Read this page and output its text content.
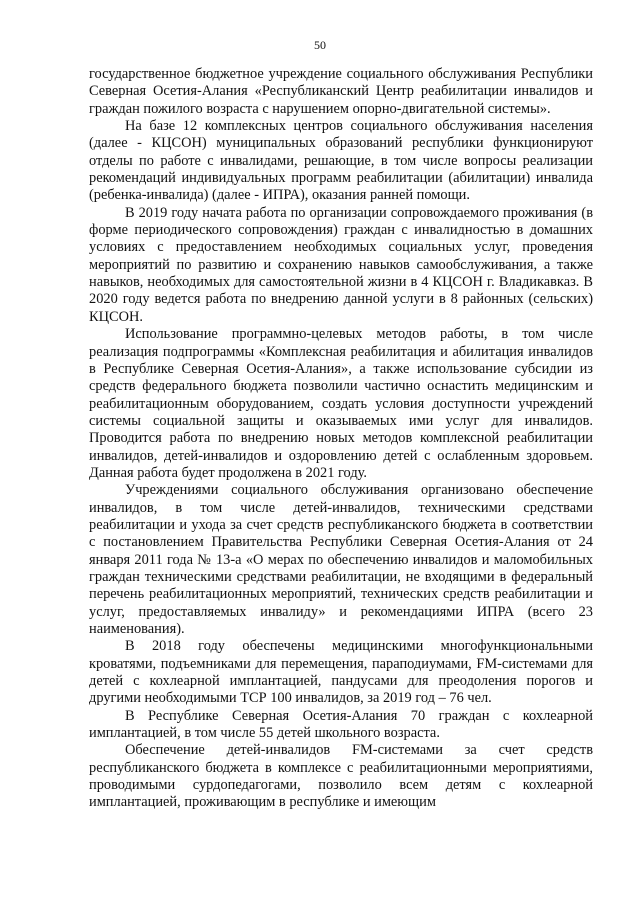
50

государственное бюджетное учреждение социального обслуживания Республики Северная Осетия-Алания «Республиканский Центр реабилитации инвалидов и граждан пожилого возраста с нарушением опорно-двигательной системы».

На базе 12 комплексных центров социального обслуживания населения (далее - КЦСОН) муниципальных образований республики функционируют отделы по работе с инвалидами, решающие, в том числе вопросы реализации рекомендаций индивидуальных программ реабилитации (абилитации) инвалида (ребенка-инвалида) (далее - ИПРА), оказания ранней помощи.

В 2019 году начата работа по организации сопровождаемого проживания (в форме периодического сопровождения) граждан с инвалидностью в домашних условиях с предоставлением необходимых социальных услуг, проведения мероприятий по развитию и сохранению навыков самообслуживания, а также навыков, необходимых для самостоятельной жизни в 4 КЦСОН г. Владикавказ. В 2020 году ведется работа по внедрению данной услуги в 8 районных (сельских) КЦСОН.

Использование программно-целевых методов работы, в том числе реализация подпрограммы «Комплексная реабилитация и абилитация инвалидов в Республике Северная Осетия-Алания», а также использование субсидии из средств федерального бюджета позволили частично оснастить медицинским и реабилитационным оборудованием, создать условия доступности учреждений системы социальной защиты и оказываемых ими услуг для инвалидов. Проводится работа по внедрению новых методов комплексной реабилитации инвалидов, детей-инвалидов и оздоровлению детей с ослабленным здоровьем. Данная работа будет продолжена в 2021 году.

Учреждениями социального обслуживания организовано обеспечение инвалидов, в том числе детей-инвалидов, техническими средствами реабилитации и ухода за счет средств республиканского бюджета в соответствии с постановлением Правительства Республики Северная Осетия-Алания от 24 января 2011 года № 13-а «О мерах по обеспечению инвалидов и маломобильных граждан техническими средствами реабилитации, не входящими в федеральный перечень реабилитационных мероприятий, технических средств реабилитации и услуг, предоставляемых инвалиду» и рекомендациями ИПРА (всего 23 наименования).

В 2018 году обеспечены медицинскими многофункциональными кроватями, подъемниками для перемещения, параподиумами, FM-системами для детей с кохлеарной имплантацией, пандусами для преодоления порогов и другими необходимыми ТСР 100 инвалидов, за 2019 год – 76 чел.

В Республике Северная Осетия-Алания 70 граждан с кохлеарной имплантацией, в том числе 55 детей школьного возраста.

Обеспечение детей-инвалидов FM-системами за счет средств республиканского бюджета в комплексе с реабилитационными мероприятиями, проводимыми сурдопедагогами, позволило всем детям с кохлеарной имплантацией, проживающим в республике и имеющим
